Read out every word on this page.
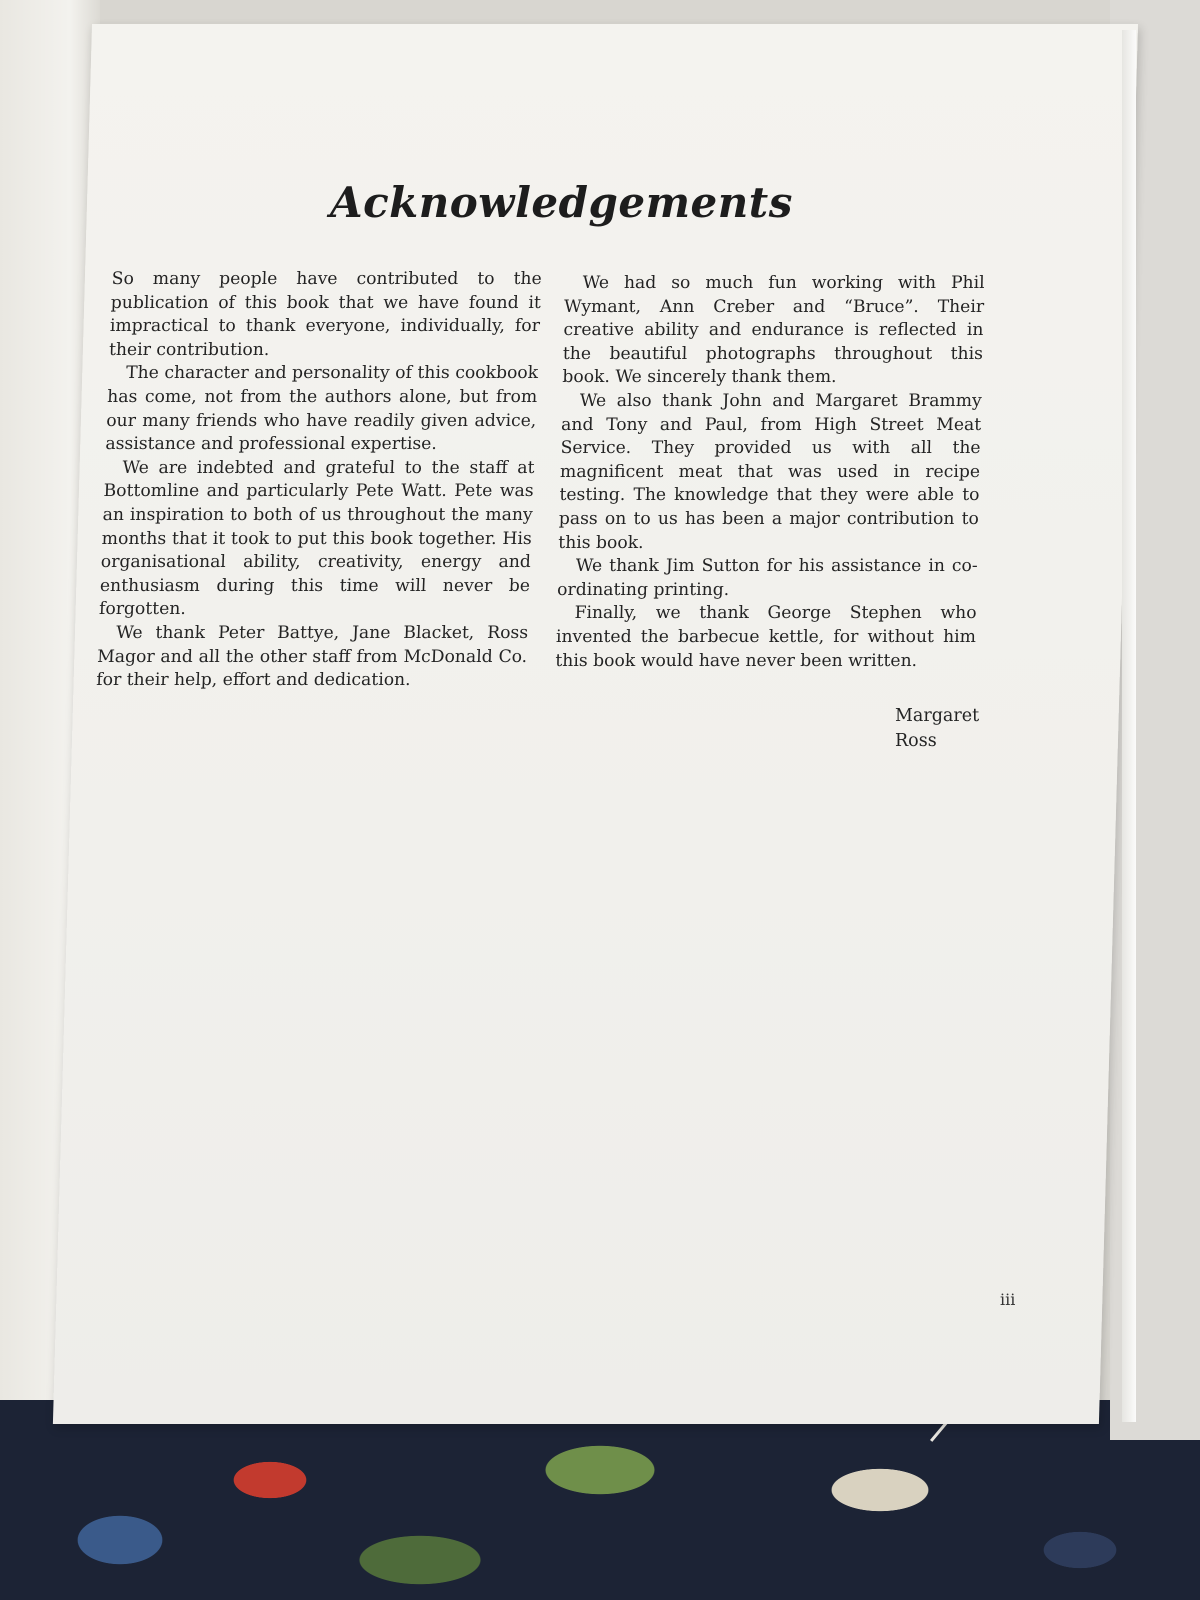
Acknowledgements

So many people have contributed to the publication of this book that we have found it impractical to thank everyone, individually, for their contribution.

The character and personality of this cookbook has come, not from the authors alone, but from our many friends who have readily given advice, assistance and professional expertise.

We are indebted and grateful to the staff at Bottomline and particularly Pete Watt. Pete was an inspiration to both of us throughout the many months that it took to put this book together. His organisational ability, creativity, energy and enthusiasm during this time will never be forgotten.

We thank Peter Battye, Jane Blacket, Ross Magor and all the other staff from McDonald Co. for their help, effort and dedication.

We had so much fun working with Phil Wymant, Ann Creber and “Bruce”. Their creative ability and endurance is reflected in the beautiful photographs throughout this book. We sincerely thank them.

We also thank John and Margaret Brammy and Tony and Paul, from High Street Meat Service. They provided us with all the magnificent meat that was used in recipe testing. The knowledge that they were able to pass on to us has been a major contribution to this book.

We thank Jim Sutton for his assistance in co-ordinating printing.

Finally, we thank George Stephen who invented the barbecue kettle, for without him this book would have never been written.

Margaret
Ross
iii
